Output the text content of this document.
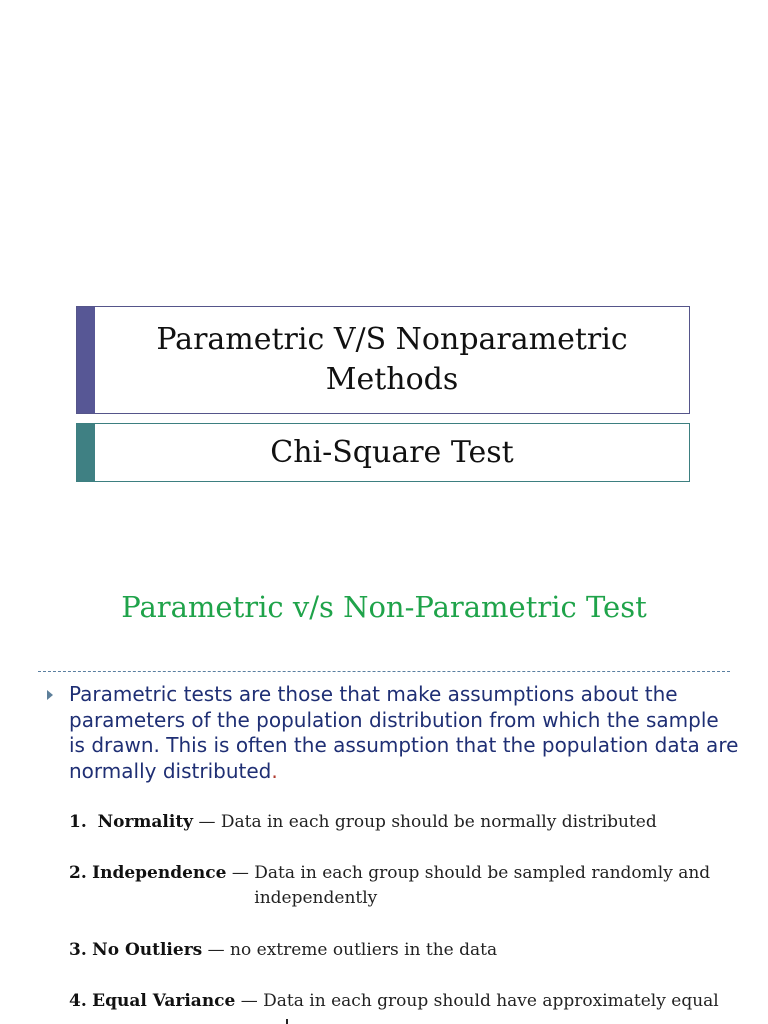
Parametric V/S Nonparametric Methods
Chi-Square Test
Parametric v/s Non-Parametric Test
Parametric tests are those that make assumptions about the parameters of the population distribution from which the sample is drawn. This is often the assumption that the population data are normally distributed.
1. Normality — Data in each group should be normally distributed
2. Independence — Data in each group should be sampled randomly and
independently
3. No Outliers — no extreme outliers in the data
4. Equal Variance — Data in each group should have approximately equal
